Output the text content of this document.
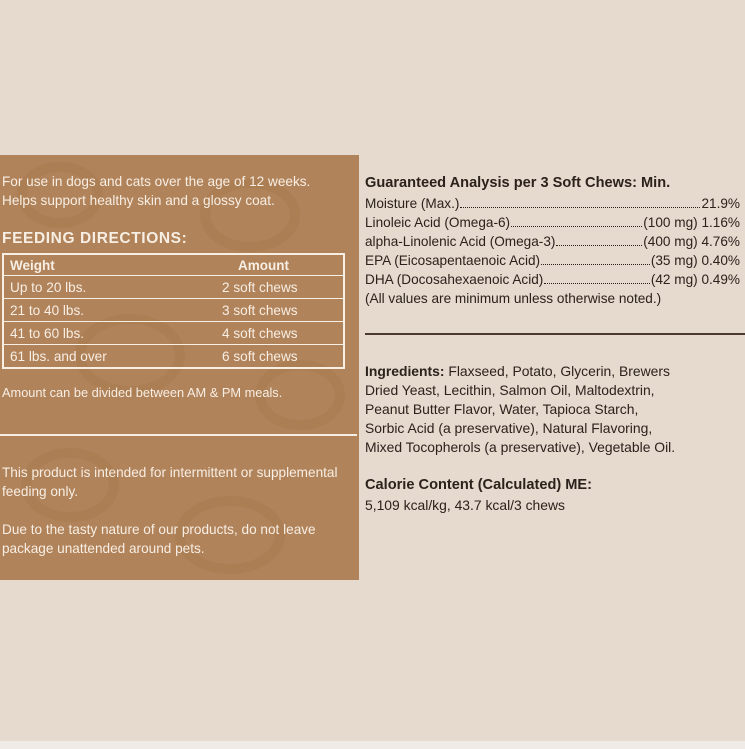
For use in dogs and cats over the age of 12 weeks.
Helps support healthy skin and a glossy coat.
FEEDING DIRECTIONS:
Weight	Amount
Up to 20 lbs.	2 soft chews
21 to 40 lbs.	3 soft chews
41 to 60 lbs.	4 soft chews
61 lbs. and over	6 soft chews
Amount can be divided between AM & PM meals.
This product is intended for intermittent or supplemental feeding only.
Due to the tasty nature of our products, do not leave package unattended around pets.
Guaranteed Analysis per 3 Soft Chews: Min.
Moisture (Max.)	21.9%
Linoleic Acid (Omega-6)	(100 mg) 1.16%
alpha-Linolenic Acid (Omega-3)	(400 mg) 4.76%
EPA (Eicosapentaenoic Acid)	(35 mg) 0.40%
DHA (Docosahexaenoic Acid)	(42 mg) 0.49%
(All values are minimum unless otherwise noted.)
Ingredients: Flaxseed, Potato, Glycerin, Brewers
Dried Yeast, Lecithin, Salmon Oil, Maltodextrin,
Peanut Butter Flavor, Water, Tapioca Starch,
Sorbic Acid (a preservative), Natural Flavoring,
Mixed Tocopherols (a preservative), Vegetable Oil.
Calorie Content (Calculated) ME:
5,109 kcal/kg, 43.7 kcal/3 chews
